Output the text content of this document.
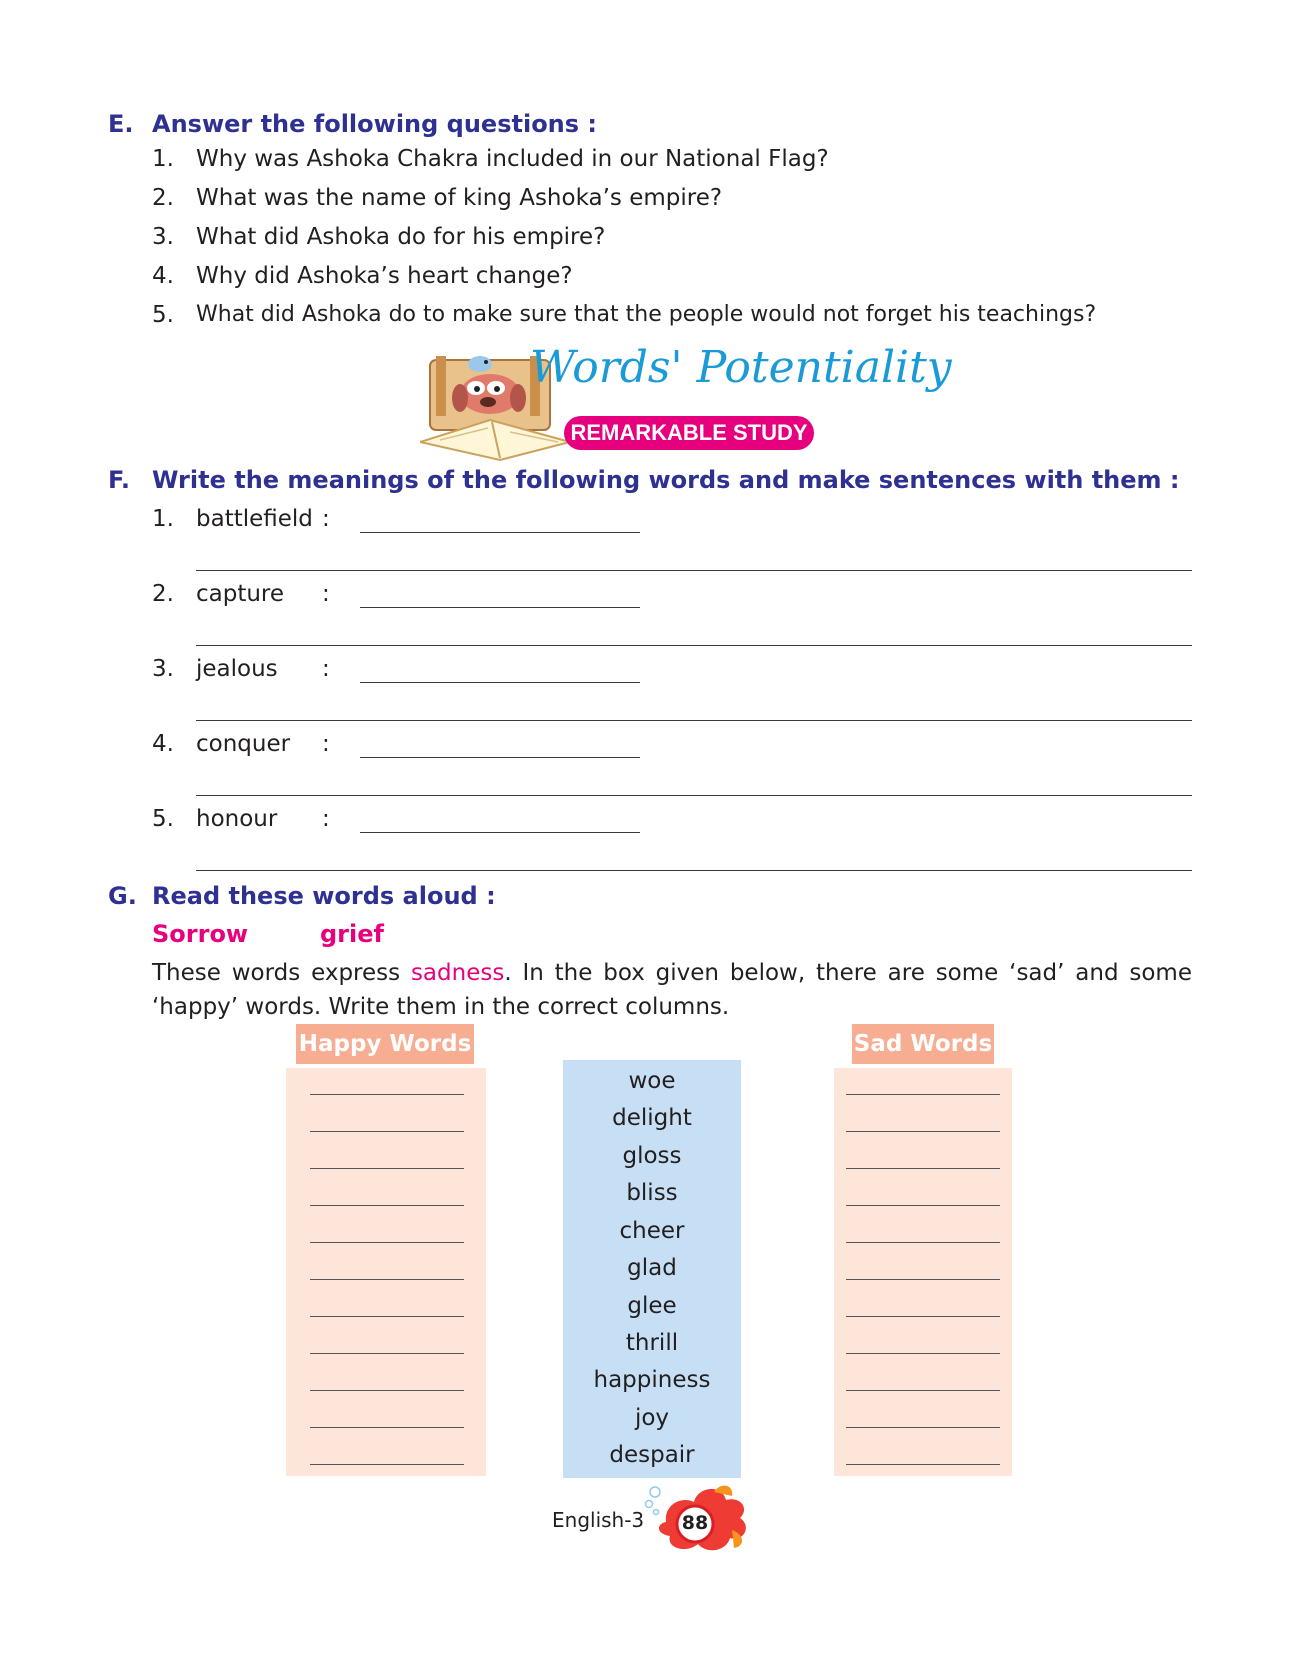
E. Answer the following questions :
1. Why was Ashoka Chakra included in our National Flag?
2. What was the name of king Ashoka’s empire?
3. What did Ashoka do for his empire?
4. Why did Ashoka’s heart change?
5. What did Ashoka do to make sure that the people would not forget his teachings?
Words' Potentiality
REMARKABLE STUDY
F. Write the meanings of the following words and make sentences with them :
1. battlefield :
2. capture :
3. jealous :
4. conquer :
5. honour :
G. Read these words aloud :
Sorrow	grief
These words express sadness. In the box given below, there are some ‘sad’ and some ‘happy’ words. Write them in the correct columns.
Happy Words
woe
delight
gloss
bliss
cheer
glad
glee
thrill
happiness
joy
despair
Sad Words
English-3 88
